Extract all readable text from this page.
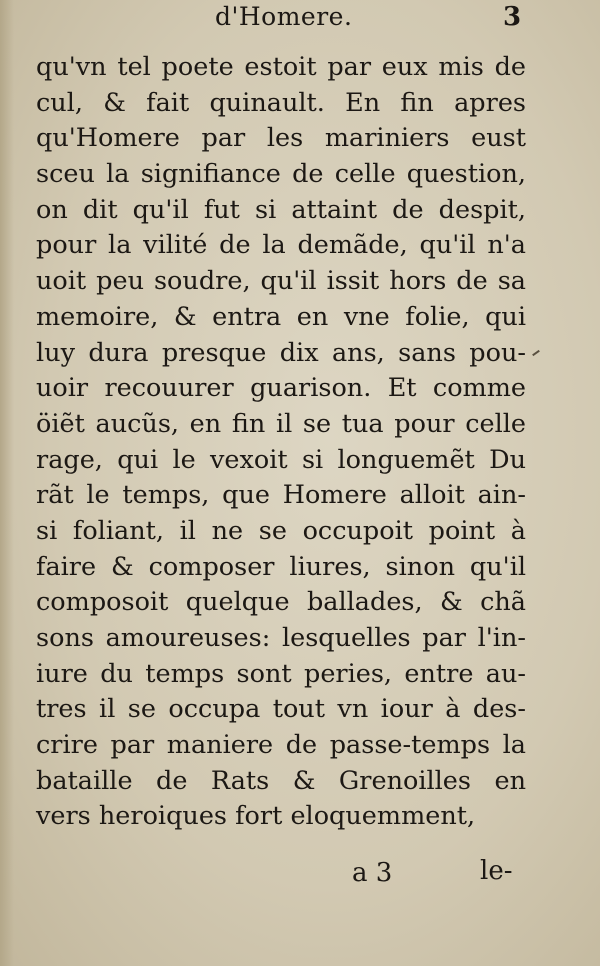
d'Homere.	3
qu'vn tel poete estoit par eux mis de
cul, & fait quinault. En fin apres
qu'Homere par les mariniers eust
sceu la signifiance de celle question,
on dit qu'il fut si attaint de despit,
pour la vilité de la demãde, qu'il n'a
uoit peu soudre, qu'il issit hors de sa
memoire, & entra en vne folie, qui
luy dura presque dix ans, sans pou-
uoir recouurer guarison. Et comme
öiẽt aucũs, en fin il se tua pour celle
rage, qui le vexoit si longuemẽt Du
rãt le temps, que Homere alloit ain-
si foliant, il ne se occupoit point à
faire & composer liures, sinon qu'il
composoit quelque ballades, & chã
sons amoureuses: lesquelles par l'in-
iure du temps sont peries, entre au-
tres il se occupa tout vn iour à des-
crire par maniere de passe-temps la
bataille de Rats & Grenoilles en
vers heroiques fort eloquemment,
a 3	le-
